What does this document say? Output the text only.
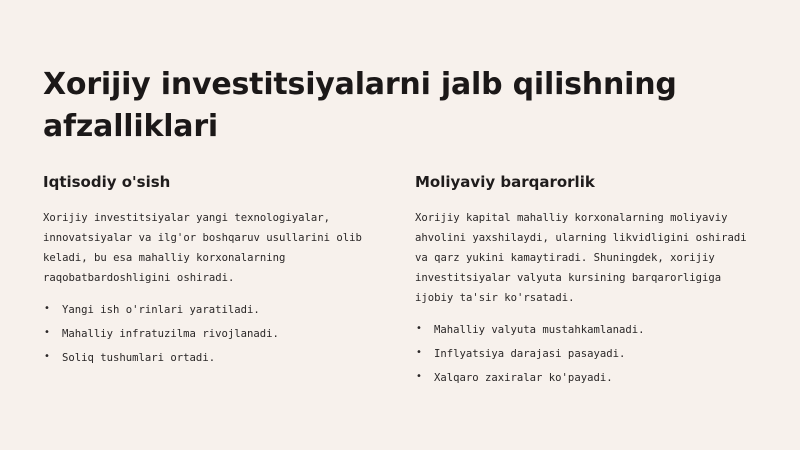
Xorijiy investitsiyalarni jalb qilishning afzalliklari
Iqtisodiy o'sish

Xorijiy investitsiyalar yangi texnologiyalar, innovatsiyalar va ilg'or boshqaruv usullarini olib keladi, bu esa mahalliy korxonalarning raqobatbardoshligini oshiradi.

• Yangi ish o'rinlari yaratiladi.
• Mahalliy infratuzilma rivojlanadi.
• Soliq tushumlari ortadi.
Moliyaviy barqarorlik

Xorijiy kapital mahalliy korxonalarning moliyaviy ahvolini yaxshilaydi, ularning likvidligini oshiradi va qarz yukini kamaytiradi. Shuningdek, xorijiy investitsiyalar valyuta kursining barqarorligiga ijobiy ta'sir ko'rsatadi.

• Mahalliy valyuta mustahkamlanadi.
• Inflyatsiya darajasi pasayadi.
• Xalqaro zaxiralar ko'payadi.
